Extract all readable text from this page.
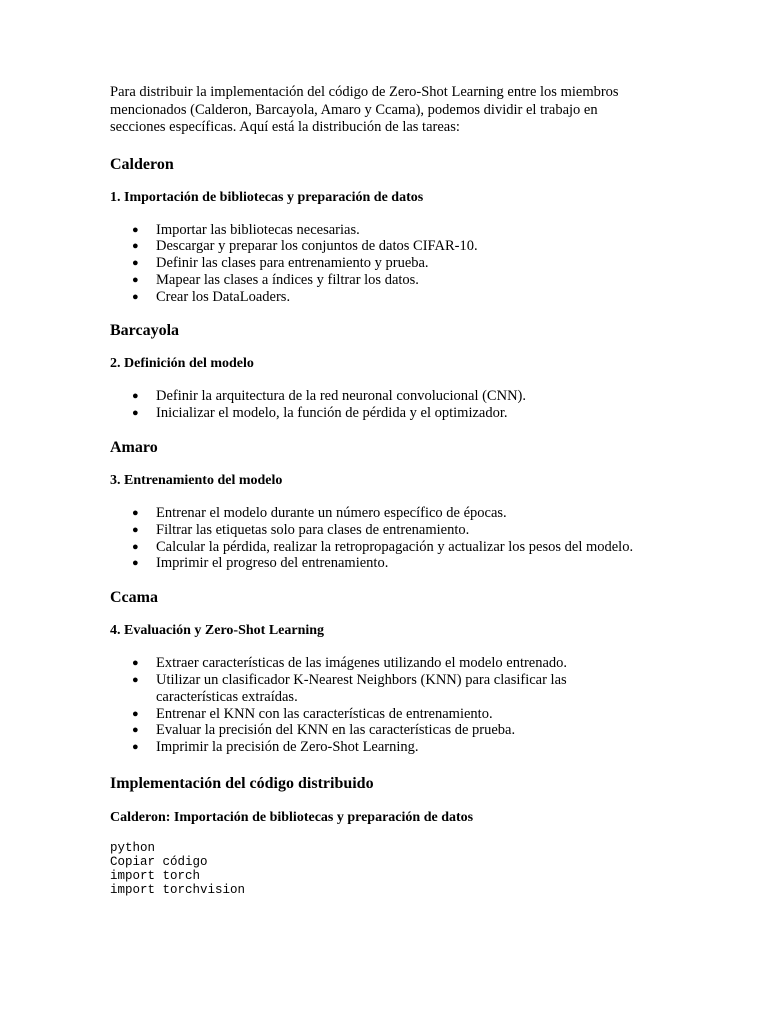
Para distribuir la implementación del código de Zero-Shot Learning entre los miembros mencionados (Calderon, Barcayola, Amaro y Ccama), podemos dividir el trabajo en secciones específicas. Aquí está la distribución de las tareas:

Calderon
1. Importación de bibliotecas y preparación de datos
● Importar las bibliotecas necesarias.
● Descargar y preparar los conjuntos de datos CIFAR-10.
● Definir las clases para entrenamiento y prueba.
● Mapear las clases a índices y filtrar los datos.
● Crear los DataLoaders.
Barcayola
2. Definición del modelo
● Definir la arquitectura de la red neuronal convolucional (CNN).
● Inicializar el modelo, la función de pérdida y el optimizador.
Amaro
3. Entrenamiento del modelo
● Entrenar el modelo durante un número específico de épocas.
● Filtrar las etiquetas solo para clases de entrenamiento.
● Calcular la pérdida, realizar la retropropagación y actualizar los pesos del modelo.
● Imprimir el progreso del entrenamiento.
Ccama
4. Evaluación y Zero-Shot Learning
● Extraer características de las imágenes utilizando el modelo entrenado.
● Utilizar un clasificador K-Nearest Neighbors (KNN) para clasificar las características extraídas.
● Entrenar el KNN con las características de entrenamiento.
● Evaluar la precisión del KNN en las características de prueba.
● Imprimir la precisión de Zero-Shot Learning.
Implementación del código distribuido
Calderon: Importación de bibliotecas y preparación de datos
python
Copiar código
import torch
import torchvision
